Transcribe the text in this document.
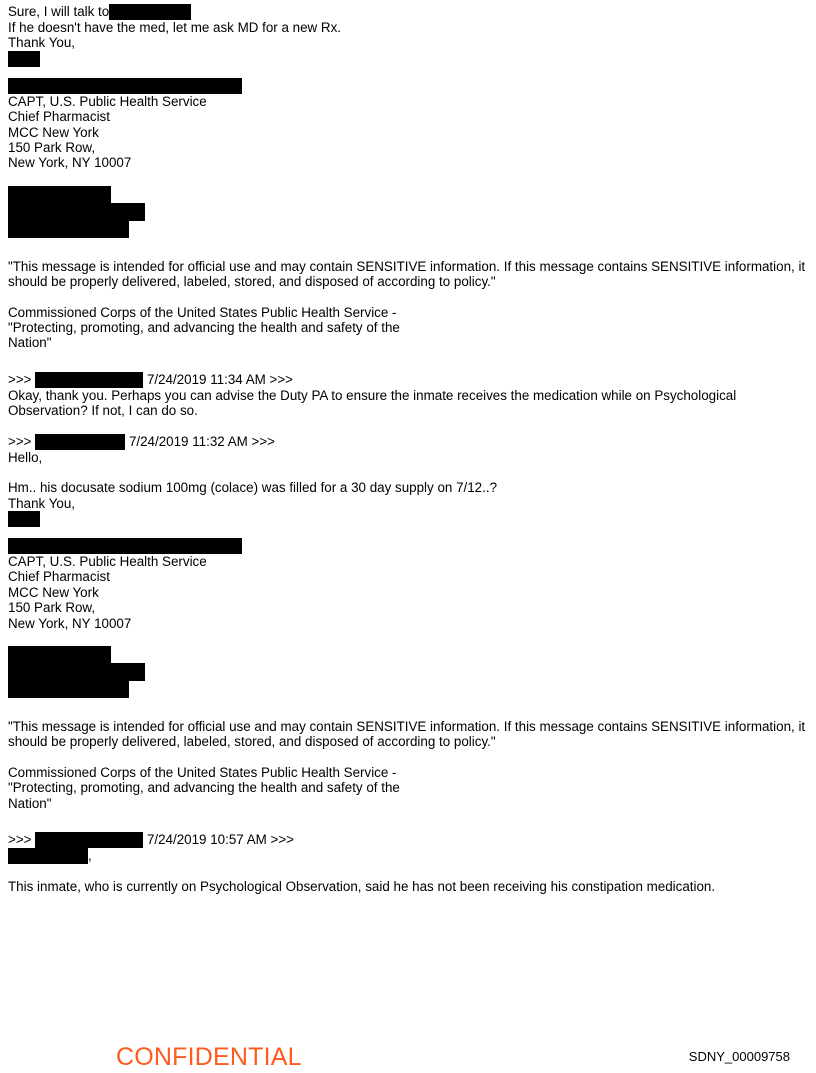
Sure, I will talk to
If he doesn't have the med, let me ask MD for a new Rx.
Thank You,
CAPT, U.S. Public Health Service
Chief Pharmacist
MCC New York
150 Park Row,
New York, NY 10007
"This message is intended for official use and may contain SENSITIVE information. If this message contains SENSITIVE information, it should be properly delivered, labeled, stored, and disposed of according to policy."
Commissioned Corps of the United States Public Health Service -
"Protecting, promoting, and advancing the health and safety of the
Nation"
>>>	7/24/2019 11:34 AM >>>
Okay, thank you. Perhaps you can advise the Duty PA to ensure the inmate receives the medication while on Psychological Observation? If not, I can do so.
>>>	7/24/2019 11:32 AM >>>
Hello,
Hm.. his docusate sodium 100mg (colace) was filled for a 30 day supply on 7/12..?
Thank You,
CAPT, U.S. Public Health Service
Chief Pharmacist
MCC New York
150 Park Row,
New York, NY 10007
"This message is intended for official use and may contain SENSITIVE information. If this message contains SENSITIVE information, it should be properly delivered, labeled, stored, and disposed of according to policy."
Commissioned Corps of the United States Public Health Service -
"Protecting, promoting, and advancing the health and safety of the
Nation"
>>>	7/24/2019 10:57 AM >>>
,
This inmate, who is currently on Psychological Observation, said he has not been receiving his constipation medication.
CONFIDENTIAL	SDNY_00009758
